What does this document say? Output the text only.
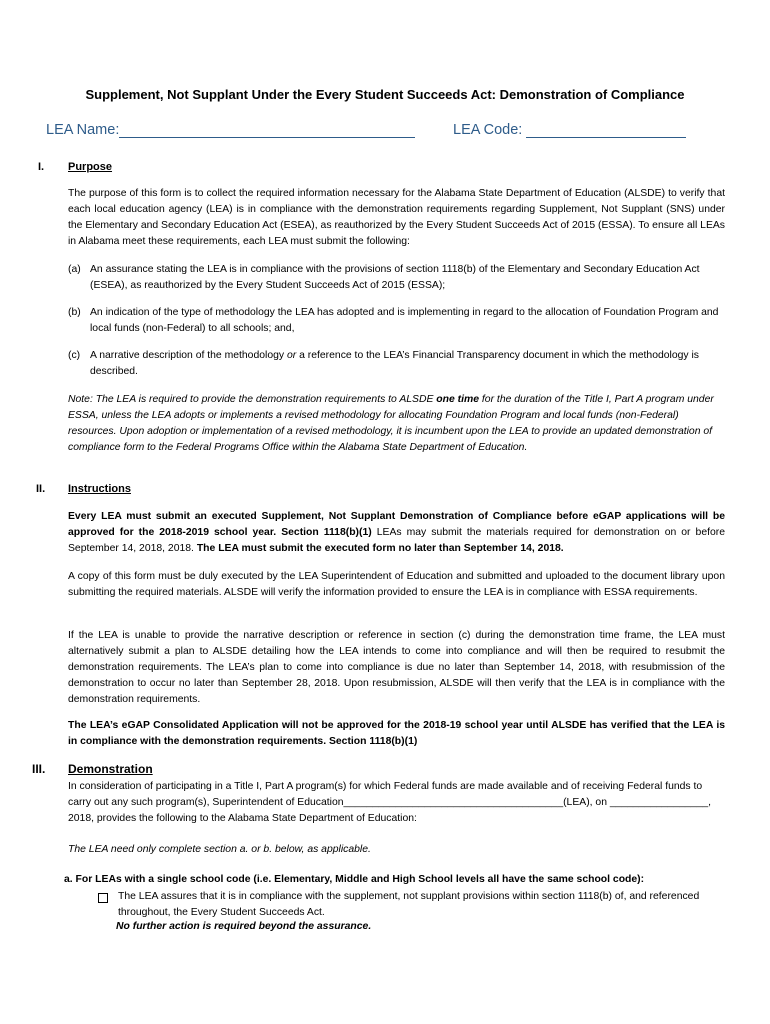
Supplement, Not Supplant Under the Every Student Succeeds Act: Demonstration of Compliance
LEA Name:	LEA Code:
I. Purpose
The purpose of this form is to collect the required information necessary for the Alabama State Department of Education (ALSDE) to verify that each local education agency (LEA) is in compliance with the demonstration requirements regarding Supplement, Not Supplant (SNS) under the Elementary and Secondary Education Act (ESEA), as reauthorized by the Every Student Succeeds Act of 2015 (ESSA). To ensure all LEAs in Alabama meet these requirements, each LEA must submit the following:
(a) An assurance stating the LEA is in compliance with the provisions of section 1118(b) of the Elementary and Secondary Education Act (ESEA), as reauthorized by the Every Student Succeeds Act of 2015 (ESSA);
(b) An indication of the type of methodology the LEA has adopted and is implementing in regard to the allocation of Foundation Program and local funds (non-Federal) to all schools; and,
(c) A narrative description of the methodology or a reference to the LEA’s Financial Transparency document in which the methodology is described.
Note: The LEA is required to provide the demonstration requirements to ALSDE one time for the duration of the Title I, Part A program under ESSA, unless the LEA adopts or implements a revised methodology for allocating Foundation Program and local funds (non-Federal) resources. Upon adoption or implementation of a revised methodology, it is incumbent upon the LEA to provide an updated demonstration of compliance form to the Federal Programs Office within the Alabama State Department of Education.
II. Instructions
Every LEA must submit an executed Supplement, Not Supplant Demonstration of Compliance before eGAP applications will be approved for the 2018-2019 school year. Section 1118(b)(1) LEAs may submit the materials required for demonstration on or before September 14, 2018, 2018. The LEA must submit the executed form no later than September 14, 2018.
A copy of this form must be duly executed by the LEA Superintendent of Education and submitted and uploaded to the document library upon submitting the required materials. ALSDE will verify the information provided to ensure the LEA is in compliance with ESSA requirements.
If the LEA is unable to provide the narrative description or reference in section (c) during the demonstration time frame, the LEA must alternatively submit a plan to ALSDE detailing how the LEA intends to come into compliance and will then be required to resubmit the demonstration requirements. The LEA’s plan to come into compliance is due no later than September 14, 2018, with resubmission of the demonstration to occur no later than September 28, 2018. Upon resubmission, ALSDE will then verify that the LEA is in compliance with the demonstration requirements.
The LEA’s eGAP Consolidated Application will not be approved for the 2018-19 school year until ALSDE has verified that the LEA is in compliance with the demonstration requirements. Section 1118(b)(1)
III. Demonstration
In consideration of participating in a Title I, Part A program(s) for which Federal funds are made available and of receiving Federal funds to carry out any such program(s), Superintendent of Education______________________________________(LEA), on _________________, 2018, provides the following to the Alabama State Department of Education:
The LEA need only complete section a. or b. below, as applicable.
a. For LEAs with a single school code (i.e. Elementary, Middle and High School levels all have the same school code):
The LEA assures that it is in compliance with the supplement, not supplant provisions within section 1118(b) of, and referenced throughout, the Every Student Succeeds Act.
No further action is required beyond the assurance.
